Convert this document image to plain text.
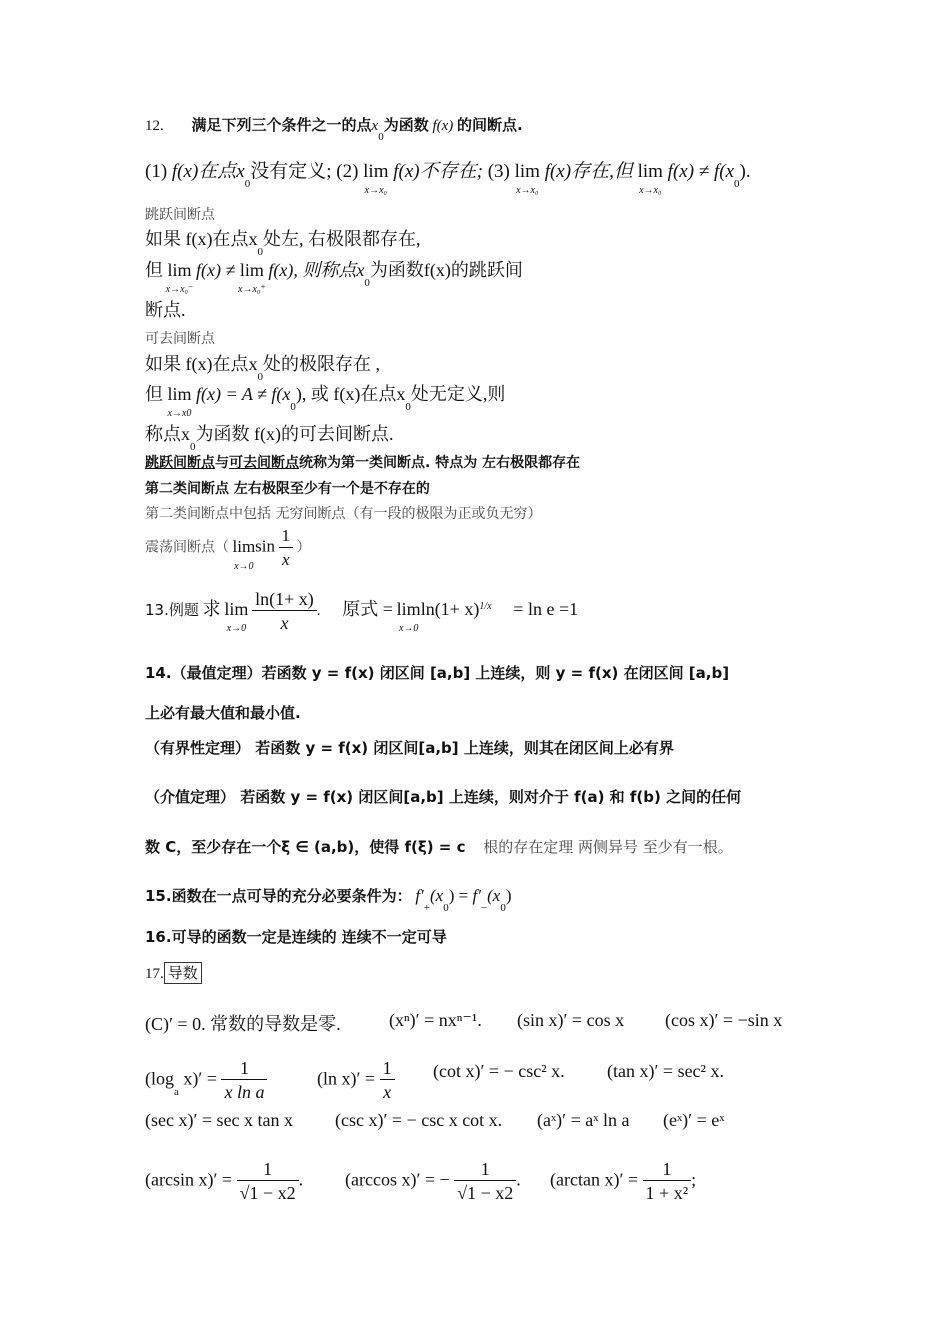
12. 满足下列三个条件之一的点$x_0$为函数 f(x) 的间断点.
(1) f(x)在点$x_0$没有定义; (2) lim
x→x₀
f(x)不存在; (3) lim
x→x₀
f(x)存在,但 lim
x→x₀
$f(x) \ne f(x_0)$.
跳跃间断点
如果 f(x)在点$x_0$处左, 右极限都存在,
但 lim
x→x₀⁻
f(x) ≠ lim
x→x₀⁺
f(x), 则称点$x_0$为函数f(x)的跳跃间
断点.
可去间断点
如果 f(x)在点$x_0$处的极限存在 ,
但 lim
x→x0
$f(x) = A \ne f(x_0)$, 或 f(x)在点$x_0$处无定义,则
称点$x_0$为函数 f(x)的可去间断点.
跳跃间断点与可去间断点统称为第一类间断点. 特点为 左右极限都存在
第二类间断点 左右极限至少有一个是不存在的
第二类间断点中包括 无穷间断点（有一段的极限为正或负无穷）
震荡间断点（ lim
x→0
$\sin \frac{1}{x}$ ）
13.例题 求 lim
x→0
$\frac{\ln(1+ x)}{x}$ . 原式 = lim
x→0
$\ln(1+ x)^{1/x} = \ln e =1$
14.（最值定理）若函数 y = f(x) 闭区间 [a,b] 上连续，则 y = f(x) 在闭区间 [a,b]
上必有最大值和最小值.
（有界性定理） 若函数 y = f(x) 闭区间[a,b] 上连续，则其在闭区间上必有界
（介值定理） 若函数 y = f(x) 闭区间[a,b] 上连续，则对介于 f(a) 和 f(b) 之间的任何
数 C，至少存在一个ξ ∈ (a,b)，使得 f(ξ) = c 根的存在定理 两侧异号 至少有一根。
15.函数在一点可导的充分必要条件为： $f'_+(x_0) = f'_-(x_0)$
16.可导的函数一定是连续的 连续不一定可导
17. 导数
(C)′ = 0. 常数的导数是零.	(xⁿ)′ = nxⁿ⁻¹. (sin x)′ = cos x (cos x)′ = −sin x
($\log_a$ $x)' = \frac{1}{\text{x ln a}}$	(ln $x)' = \frac{1}{x} (\cot$ x)′ = − csc² x. (tan x)′ = sec² x.
(sec x)′ = sec x tan x (csc x)′ = − csc x cot x. (aˣ)′ = aˣ ln a (eˣ)′ = eˣ
(arcsin $x)' = \frac{1}{√1 - x2}$ . (arccos x)′ = − $\frac{1}{√1 - x2}$ . (arctan $x)' = \frac{1}{\text{1 + x²}}$ ;
